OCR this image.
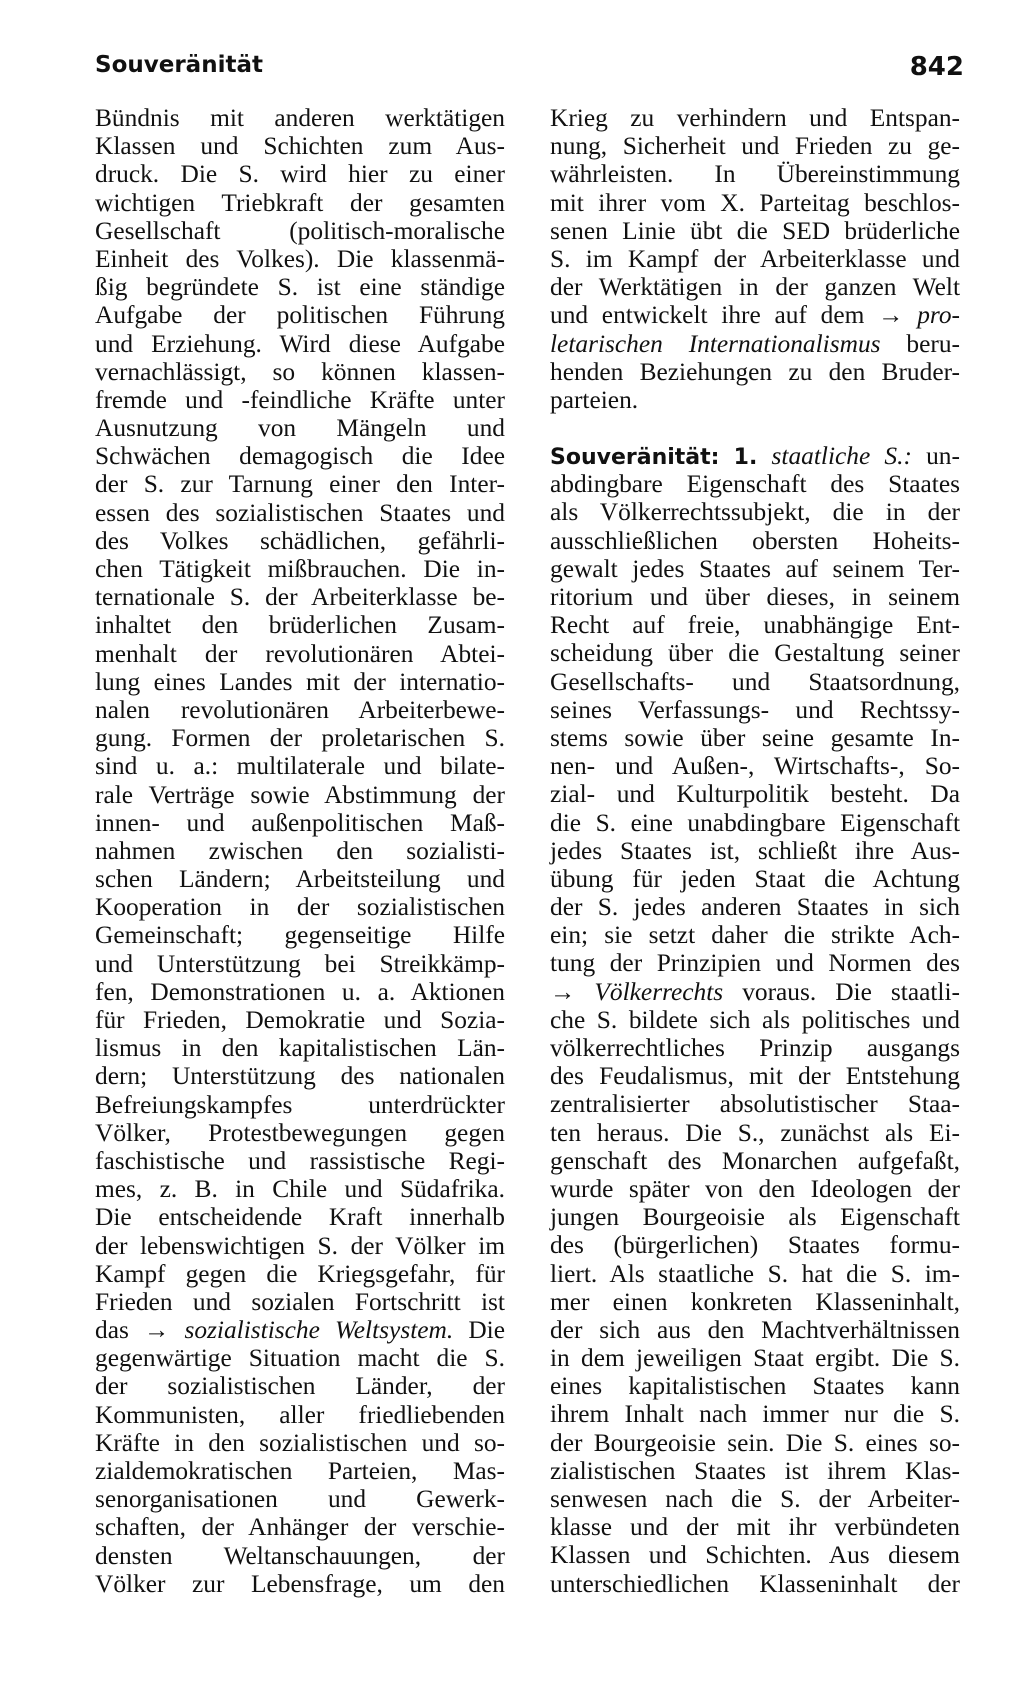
Souveränität	842
Bündnis mit anderen werktätigen
Klassen und Schichten zum Aus-
druck. Die S. wird hier zu einer
wichtigen Triebkraft der gesamten
Gesellschaft (politisch-moralische
Einheit des Volkes). Die klassenmä-
ßig begründete S. ist eine ständige
Aufgabe der politischen Führung
und Erziehung. Wird diese Aufgabe
vernachlässigt, so können klassen-
fremde und -feindliche Kräfte unter
Ausnutzung von Mängeln und
Schwächen demagogisch die Idee
der S. zur Tarnung einer den Inter-
essen des sozialistischen Staates und
des Volkes schädlichen, gefährli-
chen Tätigkeit mißbrauchen. Die in-
ternationale S. der Arbeiterklasse be-
inhaltet den brüderlichen Zusam-
menhalt der revolutionären Abtei-
lung eines Landes mit der internatio-
nalen revolutionären Arbeiterbewe-
gung. Formen der proletarischen S.
sind u. a.: multilaterale und bilate-
rale Verträge sowie Abstimmung der
innen- und außenpolitischen Maß-
nahmen zwischen den sozialisti-
schen Ländern; Arbeitsteilung und
Kooperation in der sozialistischen
Gemeinschaft; gegenseitige Hilfe
und Unterstützung bei Streikkämp-
fen, Demonstrationen u. a. Aktionen
für Frieden, Demokratie und Sozia-
lismus in den kapitalistischen Län-
dern; Unterstützung des nationalen
Befreiungskampfes unterdrückter
Völker, Protestbewegungen gegen
faschistische und rassistische Regi-
mes, z. B. in Chile und Südafrika.
Die entscheidende Kraft innerhalb
der lebenswichtigen S. der Völker im
Kampf gegen die Kriegsgefahr, für
Frieden und sozialen Fortschritt ist
das → sozialistische Weltsystem. Die
gegenwärtige Situation macht die S.
der sozialistischen Länder, der
Kommunisten, aller friedliebenden
Kräfte in den sozialistischen und so-
zialdemokratischen Parteien, Mas-
senorganisationen und Gewerk-
schaften, der Anhänger der verschie-
densten Weltanschauungen, der
Völker zur Lebensfrage, um den
Krieg zu verhindern und Entspan-
nung, Sicherheit und Frieden zu ge-
währleisten. In Übereinstimmung
mit ihrer vom X. Parteitag beschlos-
senen Linie übt die SED brüderliche
S. im Kampf der Arbeiterklasse und
der Werktätigen in der ganzen Welt
und entwickelt ihre auf dem → pro-
letarischen Internationalismus beru-
henden Beziehungen zu den Bruder-
parteien.
Souveränität: 1. staatliche S.: un-
abdingbare Eigenschaft des Staates
als Völkerrechtssubjekt, die in der
ausschließlichen obersten Hoheits-
gewalt jedes Staates auf seinem Ter-
ritorium und über dieses, in seinem
Recht auf freie, unabhängige Ent-
scheidung über die Gestaltung seiner
Gesellschafts- und Staatsordnung,
seines Verfassungs- und Rechtssy-
stems sowie über seine gesamte In-
nen- und Außen-, Wirtschafts-, So-
zial- und Kulturpolitik besteht. Da
die S. eine unabdingbare Eigenschaft
jedes Staates ist, schließt ihre Aus-
übung für jeden Staat die Achtung
der S. jedes anderen Staates in sich
ein; sie setzt daher die strikte Ach-
tung der Prinzipien und Normen des
→ Völkerrechts voraus. Die staatli-
che S. bildete sich als politisches und
völkerrechtliches Prinzip ausgangs
des Feudalismus, mit der Entstehung
zentralisierter absolutistischer Staa-
ten heraus. Die S., zunächst als Ei-
genschaft des Monarchen aufgefaßt,
wurde später von den Ideologen der
jungen Bourgeoisie als Eigenschaft
des (bürgerlichen) Staates formu-
liert. Als staatliche S. hat die S. im-
mer einen konkreten Klasseninhalt,
der sich aus den Machtverhältnissen
in dem jeweiligen Staat ergibt. Die S.
eines kapitalistischen Staates kann
ihrem Inhalt nach immer nur die S.
der Bourgeoisie sein. Die S. eines so-
zialistischen Staates ist ihrem Klas-
senwesen nach die S. der Arbeiter-
klasse und der mit ihr verbündeten
Klassen und Schichten. Aus diesem
unterschiedlichen Klasseninhalt der
